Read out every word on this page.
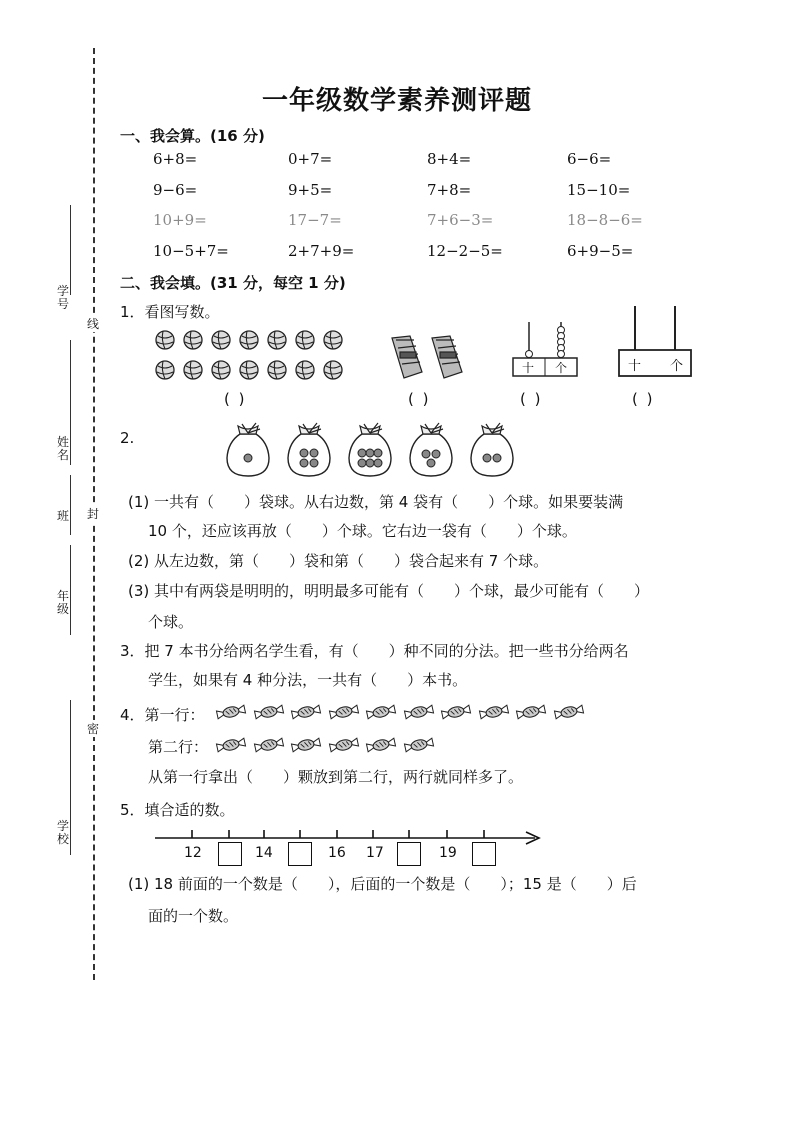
学号
姓名
班
年级
学校
线
封
密
一年级数学素养测评题
一、我会算。(16 分)
6+8=	0+7=	8+4=	6−6=
9−6=	9+5=	7+8=	15−10=
10+9=	17−7=	7+6−3=	18−8−6=
10−5+7=	2+7+9=	12−2−5=	6+9−5=
二、我会填。(31 分，每空 1 分)
1．看图写数。
十 个	十 个
( )	( )	( )	( )
2.
(1) 一共有（　　）袋球。从右边数，第 4 袋有（　　）个球。如果要装满
10 个，还应该再放（　　）个球。它右边一袋有（　　）个球。
(2) 从左边数，第（　　）袋和第（　　）袋合起来有 7 个球。
(3) 其中有两袋是明明的，明明最多可能有（　　）个球，最少可能有（　　）
个球。
3．把 7 本书分给两名学生看，有（　　）种不同的分法。把一些书分给两名
学生，如果有 4 种分法，一共有（　　）本书。
4．第一行：
第二行：
从第一行拿出（　　）颗放到第二行，两行就同样多了。
5．填合适的数。
12	14	16 17	19
(1) 18 前面的一个数是（　　），后面的一个数是（　　）；15 是（　　）后
面的一个数。
